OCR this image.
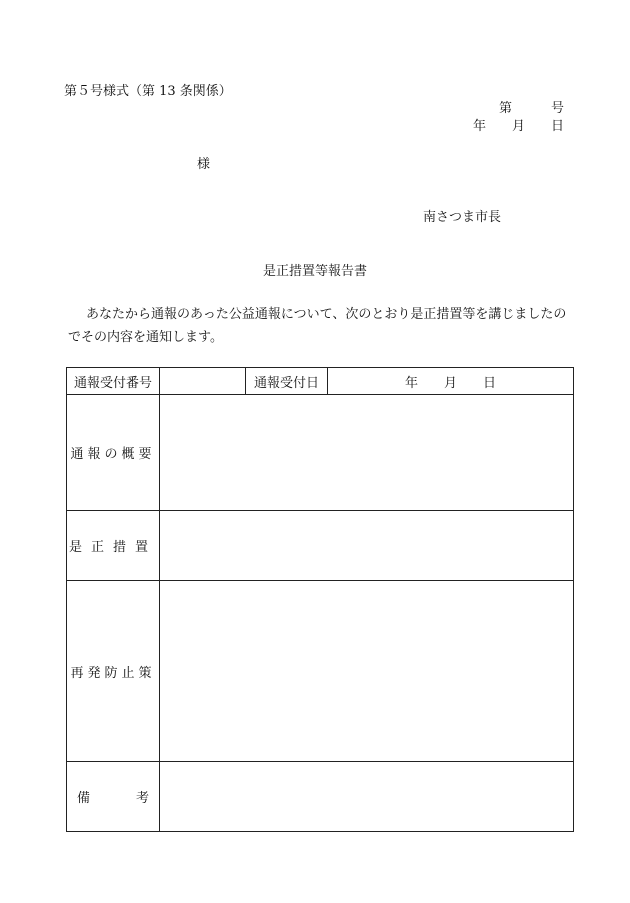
第５号様式（第 13 条関係）
第　　　号
年　　月　　日
様
南さつま市長
是正措置等報告書
あなたから通報のあった公益通報について、次のとおり是正措置等を講じましたのでその内容を通知します。
通報受付番号		通報受付日	年　　月　　日
通報の概要			
是正措置			
再発防止策			

備 考			
